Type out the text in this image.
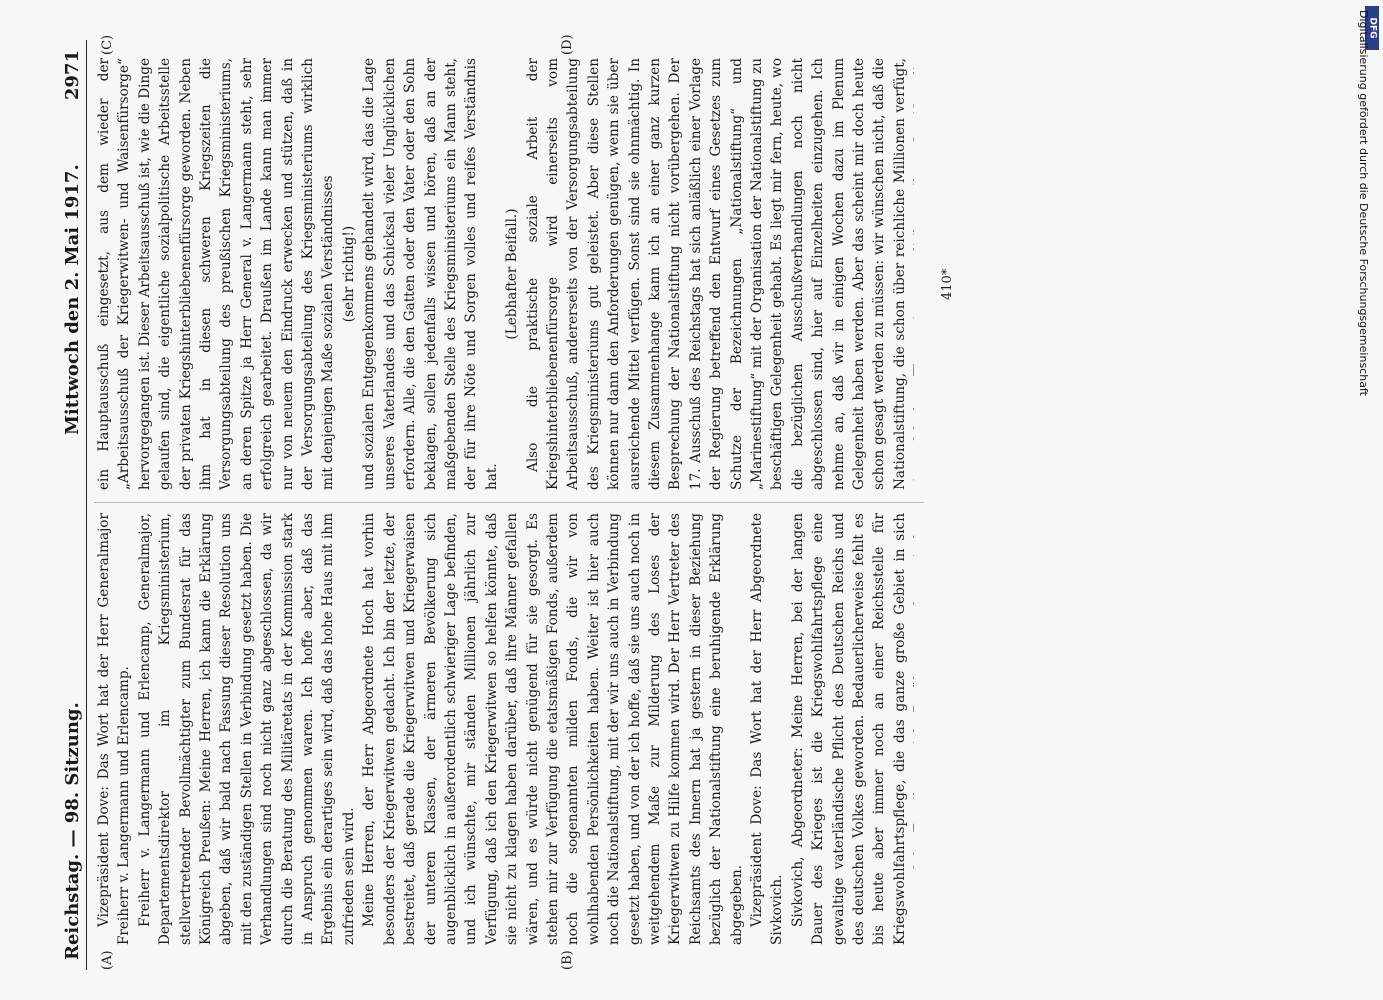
Reichstag. — 98. Sitzung.
Mittwoch den 2. Mai 1917.
2971
(A)	(B)
(C)	(D)

Vizepräsident Dove: Das Wort hat der Herr Generalmajor Freiherr v. Langermann und Erlencamp. Freiherr v. Langermann und Erlencamp, Generalmajor, Departementsdirektor im Kriegsministerium, stellvertretender Bevollmächtigter zum Bundesrat für das Königreich Preußen: Meine Herren, ich kann die Erklärung abgeben, daß wir bald nach Fassung dieser Resolution uns mit den zuständigen Stellen in Verbindung gesetzt haben. Die Verhandlungen sind noch nicht ganz abgeschlossen, da wir durch die Beratung des Militäretats in der Kommission stark in Anspruch genommen waren. Ich hoffe aber, daß das Ergebnis ein derartiges sein wird, daß das hohe Haus mit ihm zufrieden sein wird. Meine Herren, der Herr Abgeordnete Hoch hat vorhin besonders der Kriegerwitwen gedacht. Ich bin der letzte, der bestreitet, daß gerade die Kriegerwitwen und Kriegerwaisen der unteren Klassen, der ärmeren Bevölkerung sich augenblicklich in außerordentlich schwieriger Lage befinden, und ich wünschte, mir ständen Millionen jährlich zur Verfügung, daß ich den Kriegerwitwen so helfen könnte, daß sie nicht zu klagen haben darüber, daß ihre Männer gefallen wären, und es würde nicht genügend für sie gesorgt. Es stehen mir zur Verfügung die etatsmäßigen Fonds, außerdem noch die sogenannten milden Fonds, die wir von wohlhabenden Persönlichkeiten haben. Weiter ist hier auch noch die Nationalstiftung, mit der wir uns auch in Verbindung gesetzt haben, und von der ich hoffe, daß sie uns auch noch in weitgehendem Maße zur Milderung des Loses der Kriegerwitwen zu Hilfe kommen wird. Der Herr Vertreter des Reichsamts des Innern hat ja gestern in dieser Beziehung bezüglich der Nationalstiftung eine beruhigende Erklärung abgegeben. Vizepräsident Dove: Das Wort hat der Herr Abgeordnete Sivkovich. Sivkovich, Abgeordneter: Meine Herren, bei der langen Dauer des Krieges ist die Kriegswohlfahrtspflege eine gewaltige vaterländische Pflicht des Deutschen Reichs und des deutschen Volkes geworden. Bedauerlicherweise fehlt es bis heute aber immer noch an einer Reichsstelle für Kriegswohlfahrtspflege, die das ganze große Gebiet in sich

ein Hauptausschuß eingesetzt, aus dem wieder der „Arbeitsausschuß der Kriegerwitwen- und Waisenfürsorge“ hervorgegangen ist. Dieser Arbeitsausschuß ist, wie die Dinge gelaufen sind, die eigentliche sozialpolitische Arbeitsstelle der privaten Kriegshinterbliebenenfürsorge geworden. Neben ihm hat in diesen schweren Kriegszeiten die Versorgungsabteilung des preußischen Kriegsministeriums, an deren Spitze ja Herr General v. Langermann steht, sehr erfolgreich gearbeitet. Draußen im Lande kann man immer nur von neuem den Eindruck erwecken und stützen, daß in der Versorgungsabteilung des Kriegsministeriums wirklich mit denjenigen Maße sozialen Verständnisses (sehr richtig!) und sozialen Entgegenkommens gehandelt wird, das die Lage unseres Vaterlandes und das Schicksal vieler Unglücklichen erfordern. Alle, die den Gatten oder den Vater oder den Sohn beklagen, sollen jedenfalls wissen und hören, daß an der maßgebenden Stelle des Kriegsministeriums ein Mann steht, der für ihre Nöte und Sorgen volles und reifes Verständnis hat.

(Lebhafter Beifall.)

Also die praktische soziale Arbeit der Kriegshinterbliebenenfürsorge wird einerseits vom Arbeitsausschuß, andererseits von der Versorgungsabteilung des Kriegsministeriums gut geleistet. Aber diese Stellen können nur dann den Anforderungen genügen, wenn sie über ausreichende Mittel verfügen. Sonst sind sie ohnmächtig. In diesem Zusammenhange kann ich an einer ganz kurzen Besprechung der Nationalstiftung nicht vorübergehen. Der 17. Ausschuß des Reichstags hat sich anläßlich einer Vorlage der Regierung betreffend den Entwurf eines Gesetzes zum Schutze der Bezeichnungen „Nationalstiftung“ und „Marinestiftung“ mit der Organisation der Nationalstiftung zu beschäftigen Gelegenheit gehabt. Es liegt mir fern, heute, wo die bezüglichen Ausschußverhandlungen noch nicht abgeschlossen sind, hier auf Einzelheiten einzugehen. Ich nehme an, daß wir in einigen Wochen dazu im Plenum Gelegenheit haben werden. Aber das scheint mir doch heute schon gesagt werden zu müssen: wir wünschen nicht, daß die Nationalstiftung, die schon über reichliche Millionen verfügt,

410*
DFG
Digitalisierung gefördert durch die Deutsche Forschungsgemeinschaft
